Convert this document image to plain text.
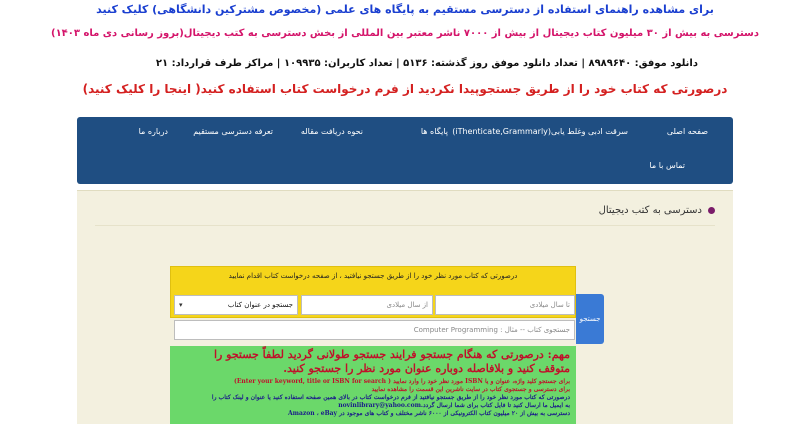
برای مشاهده راهنمای استفاده از دسترسی مستقیم به پایگاه های علمی (مخصوص مشترکین دانشگاهی) کلیک کنید
دسترسی به بیش از ۳۰ میلیون کتاب دیجیتال از بیش از ۷۰۰۰ ناشر معتبر بین المللی از بخش دسترسی به کتب دیجیتال(بروز رسانی دی ماه ۱۴۰۳)
دانلود موفق: ۸۹۸۹۶۴۰ | تعداد دانلود موفق روز گذشته: ۵۱۳۶ | تعداد کاربران: ۱۰۹۹۳۵ | مراکز طرف قرارداد: ۲۱
درصورتی که کتاب خود را از طریق جستجوپیدا نکردید از فرم درخواست کتاب استفاده کنید( اینجا را کلیک کنید)
صفحه اصلی
سرقت ادبی وغلط یابی(iThenticate,Grammarly)
پایگاه ها
نحوه دریافت مقاله
تعرفه دسترسی مستقیم
درباره ما
تماس با ما
دسترسی به کتب دیجیتال
درصورتی که کتاب مورد نظر خود را از طریق جستجو نیافتید ، از صفحه درخواست کتاب اقدام نمایید
جستجو در عنوان کتاب
▾	از سال میلادی	تا سال میلادی
جستجوی کتاب -- مثال : Computer Programming
جستجو
مهم: درصورتی که هنگام جستجو فرایند جستجو طولانی گردید لطفاً جستجو را
متوقف کنید و بلافاصله دوباره عنوان مورد نظر را جستجو کنید.
برای جستجو کلید واژه، عنوان و یا ISBN مورد نظر خود را وارد نمایید ( Enter your keyword, title or ISBN for search)
برای دسترسی و جستجوی کتاب در سایت ناشرین این قسمت را مشاهده نمایید
درصورتی که کتاب مورد نظر خود را از طریق جستجو نیافتید از فرم درخواست کتاب در بالای همین صفحه استفاده کنید یا عنوان و لینک کتاب را
به ایمیل ما ارسال کنید تا فایل کتاب برای شما ارسال گردد.novinlibrary@yahoo.com
دسترسی به بیش از ۲۰ میلیون کتاب الکترونیکی از ۶۰۰۰ ناشر مختلف و کتاب های موجود در Amazon ، eBay
